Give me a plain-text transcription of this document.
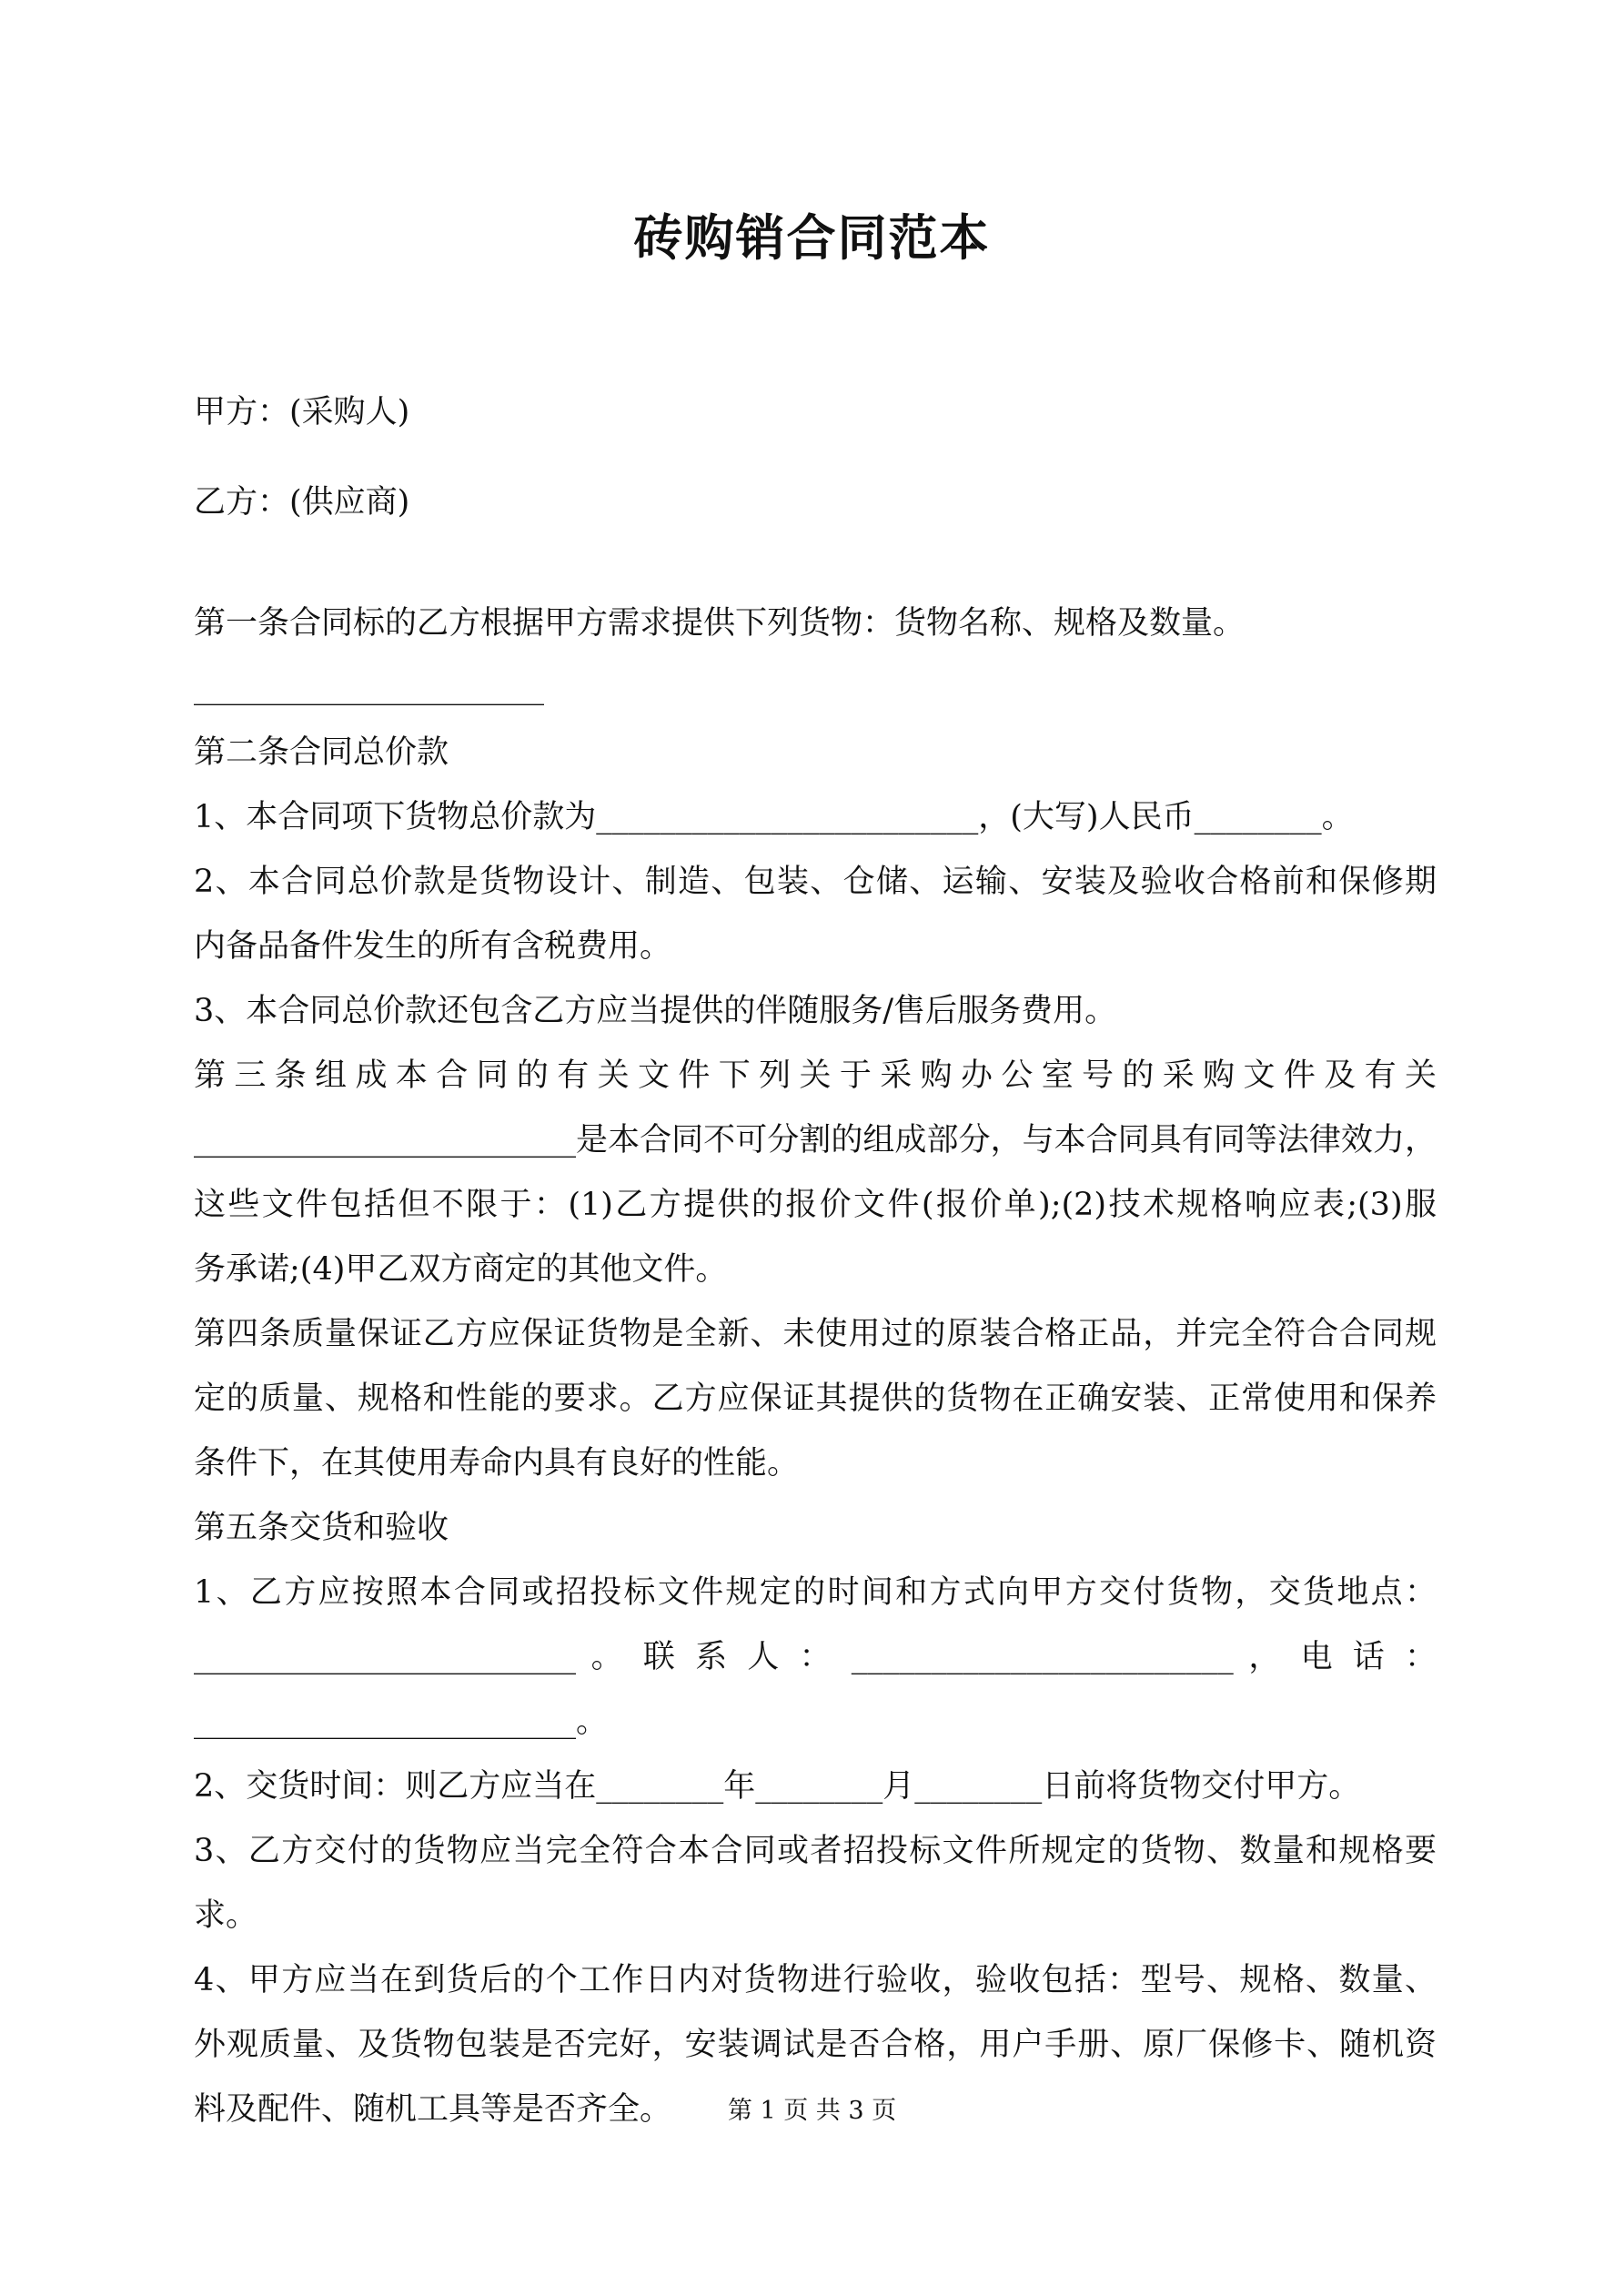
砖购销合同范本

甲方：(采购人)

乙方：(供应商)

第一条合同标的乙方根据甲方需求提供下列货物：货物名称、规格及数量。

______________________

第二条合同总价款

1、本合同项下货物总价款为________________________，(大写)人民币________。

2、本合同总价款是货物设计、制造、包装、仓储、运输、安装及验收合格前和保修期

内备品备件发生的所有含税费用。

3、本合同总价款还包含乙方应当提供的伴随服务/售后服务费用。

第三条组成本合同的有关文件下列关于采购办公室号的采购文件及有关

________________________是本合同不可分割的组成部分，与本合同具有同等法律效力，

这些文件包括但不限于：(1)乙方提供的报价文件(报价单);(2)技术规格响应表;(3)服

务承诺;(4)甲乙双方商定的其他文件。

第四条质量保证乙方应保证货物是全新、未使用过的原装合格正品，并完全符合合同规

定的质量、规格和性能的要求。乙方应保证其提供的货物在正确安装、正常使用和保养

条件下，在其使用寿命内具有良好的性能。

第五条交货和验收

1、乙方应按照本合同或招投标文件规定的时间和方式向甲方交付货物，交货地点：

________________________ 。 联 系 人 ： ________________________ ， 电 话 ：

________________________。

2、交货时间：则乙方应当在________年________月________日前将货物交付甲方。

3、乙方交付的货物应当完全符合本合同或者招投标文件所规定的货物、数量和规格要

求。

4、甲方应当在到货后的个工作日内对货物进行验收，验收包括：型号、规格、数量、

外观质量、及货物包装是否完好，安装调试是否合格，用户手册、原厂保修卡、随机资

料及配件、随机工具等是否齐全。	第 1 页 共 3 页
